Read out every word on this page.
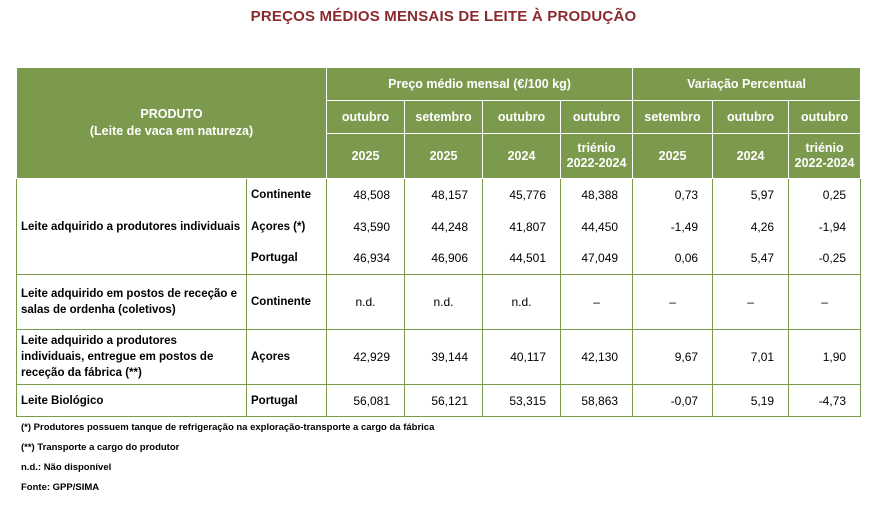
PREÇOS MÉDIOS MENSAIS DE LEITE À PRODUÇÃO
PRODUTO
(Leite de vaca em natureza)		Preço médio mensal (€/100 kg)				Variação Percentual		
		outubro	setembro	outubro	outubro	setembro	outubro	outubro
		2025	2025	2024	triénio 2022-2024	2025	2024	triénio 2022-2024
Leite adquirido a produtores individuais	Continente	48,508	48,157	45,776	48,388	0,73	5,97	0,25
	Açores (*)	43,590	44,248	41,807	44,450	-1,49	4,26	-1,94
	Portugal	46,934	46,906	44,501	47,049	0,06	5,47	-0,25
Leite adquirido em postos de receção e salas de ordenha (coletivos)	Continente	n.d.	n.d.	n.d.	–	–	–	–
Leite adquirido a produtores individuais, entregue em postos de receção da fábrica (**)	Açores	42,929	39,144	40,117	42,130	9,67	7,01	1,90
Leite Biológico	Portugal	56,081	56,121	53,315	58,863	-0,07	5,19	-4,73
(*) Produtores possuem tanque de refrigeração na exploração-transporte a cargo da fábrica
(**) Transporte a cargo do produtor
n.d.: Não disponível
Fonte: GPP/SIMA
